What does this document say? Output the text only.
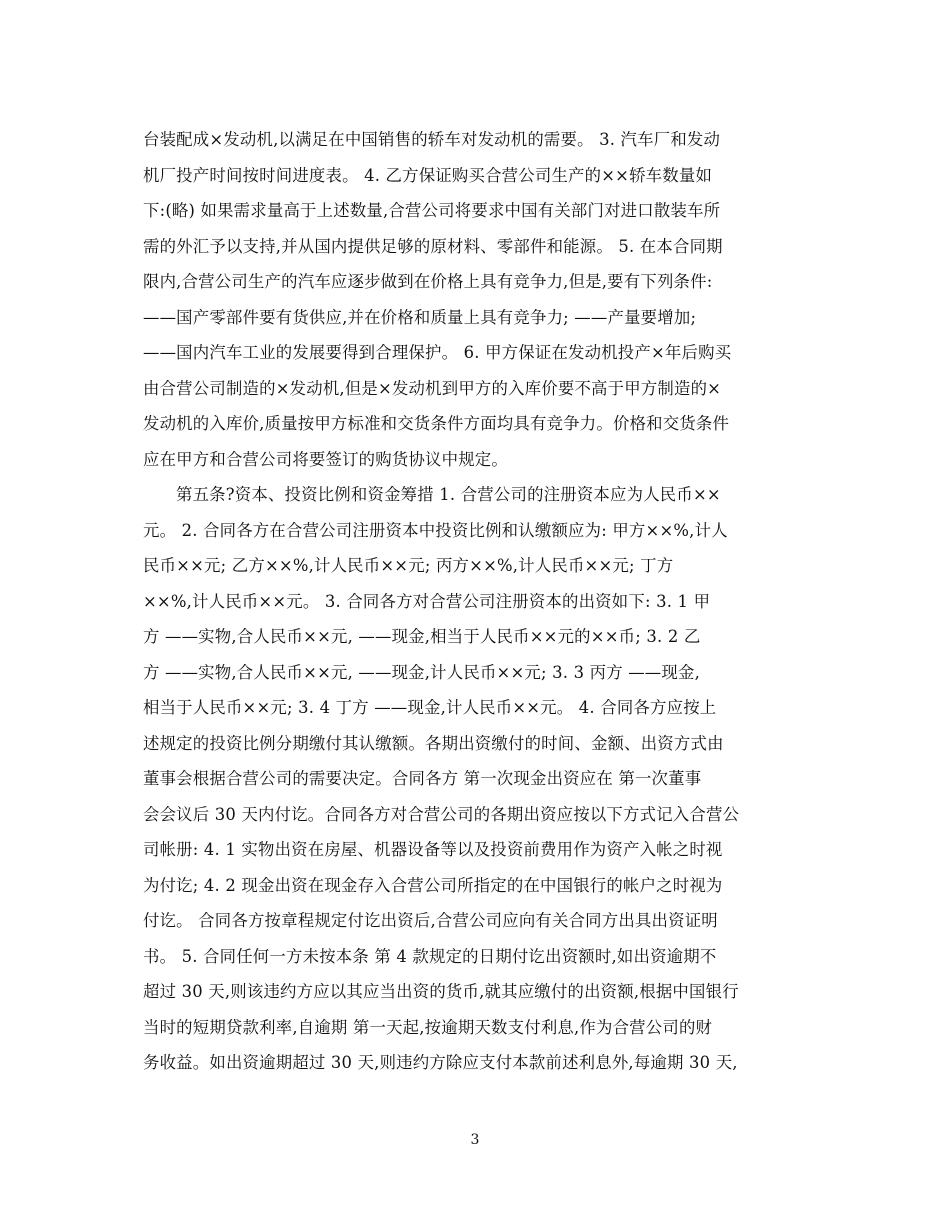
台装配成×发动机,以满足在中国销售的轿车对发动机的需要。 3. 汽车厂和发动
机厂投产时间按时间进度表。 4. 乙方保证购买合营公司生产的××轿车数量如
下:(略) 如果需求量高于上述数量,合营公司将要求中国有关部门对进口散装车所
需的外汇予以支持,并从国内提供足够的原材料、零部件和能源。 5. 在本合同期
限内,合营公司生产的汽车应逐步做到在价格上具有竞争力,但是,要有下列条件:
——国产零部件要有货供应,并在价格和质量上具有竞争力; ——产量要增加;
——国内汽车工业的发展要得到合理保护。 6. 甲方保证在发动机投产×年后购买
由合营公司制造的×发动机,但是×发动机到甲方的入库价要不高于甲方制造的×
发动机的入库价,质量按甲方标准和交货条件方面均具有竞争力。价格和交货条件
应在甲方和合营公司将要签订的购货协议中规定。
第五条?资本、投资比例和资金筹措 1. 合营公司的注册资本应为人民币××
元。 2. 合同各方在合营公司注册资本中投资比例和认缴额应为: 甲方××%,计人
民币××元; 乙方××%,计人民币××元; 丙方××%,计人民币××元; 丁方
××%,计人民币××元。 3. 合同各方对合营公司注册资本的出资如下: 3. 1 甲
方 ——实物,合人民币××元, ——现金,相当于人民币××元的××币; 3. 2 乙
方 ——实物,合人民币××元, ——现金,计人民币××元; 3. 3 丙方 ——现金,
相当于人民币××元; 3. 4 丁方 ——现金,计人民币××元。 4. 合同各方应按上
述规定的投资比例分期缴付其认缴额。各期出资缴付的时间、金额、出资方式由
董事会根据合营公司的需要决定。合同各方 第一次现金出资应在 第一次董事
会会议后 30 天内付讫。合同各方对合营公司的各期出资应按以下方式记入合营公
司帐册: 4. 1 实物出资在房屋、机器设备等以及投资前费用作为资产入帐之时视
为付讫; 4. 2 现金出资在现金存入合营公司所指定的在中国银行的帐户之时视为
付讫。 合同各方按章程规定付讫出资后,合营公司应向有关合同方出具出资证明
书。 5. 合同任何一方未按本条 第 4 款规定的日期付讫出资额时,如出资逾期不
超过 30 天,则该违约方应以其应当出资的货币,就其应缴付的出资额,根据中国银行
当时的短期贷款利率,自逾期 第一天起,按逾期天数支付利息,作为合营公司的财
务收益。如出资逾期超过 30 天,则违约方除应支付本款前述利息外,每逾期 30 天,
3
